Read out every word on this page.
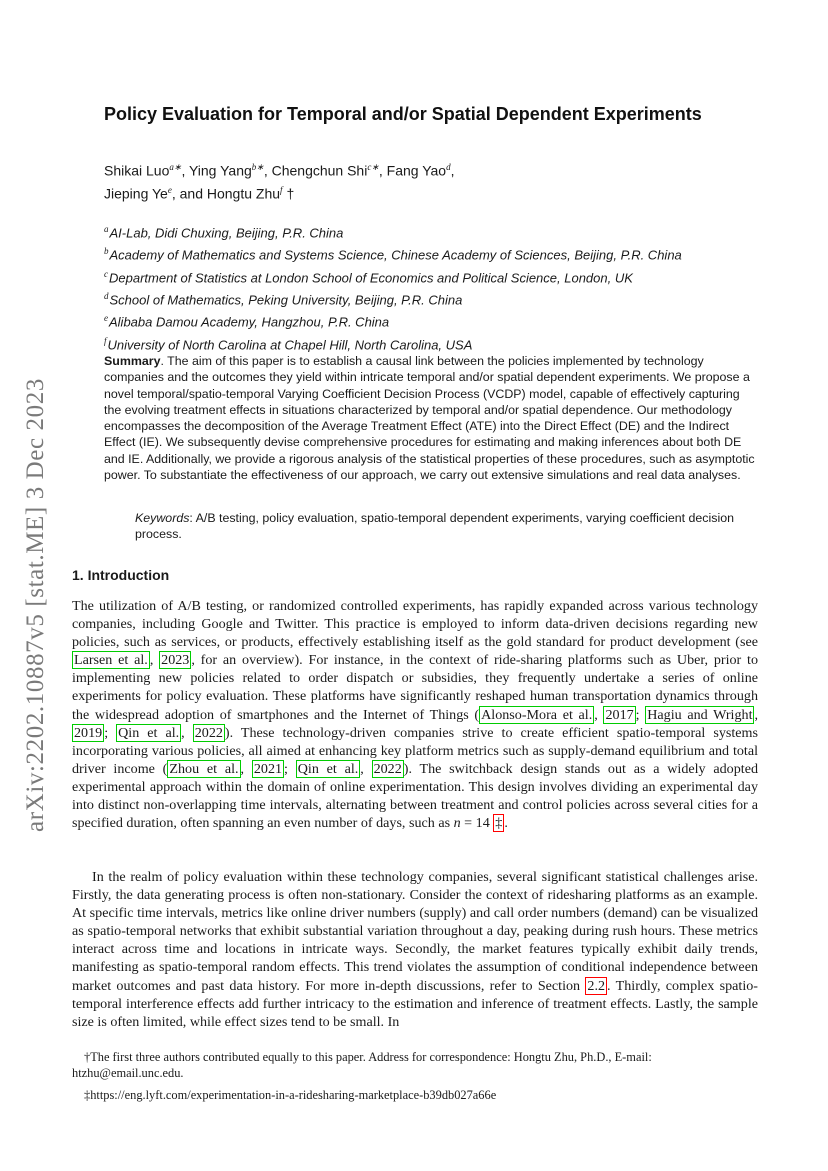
arXiv:2202.10887v5 [stat.ME] 3 Dec 2023
Policy Evaluation for Temporal and/or Spatial Dependent Experiments
Shikai Luo$^{a∗}$, Ying Yang$^{b∗}$, Chengchun Shi$^{c∗}$, Fang Yao$^d$,
Jieping Ye$^e$, and Hongtu Zhu$^f$ †
$^a$AI-Lab, Didi Chuxing, Beijing, P.R. China
$^b$Academy of Mathematics and Systems Science, Chinese Academy of Sciences, Beijing, P.R. China
$^c$Department of Statistics at London School of Economics and Political Science, London, UK
$^d$School of Mathematics, Peking University, Beijing, P.R. China
$^e$Alibaba Damou Academy, Hangzhou, P.R. China
$^f$University of North Carolina at Chapel Hill, North Carolina, USA

Summary. The aim of this paper is to establish a causal link between the policies implemented by technology companies and the outcomes they yield within intricate temporal and/or spatial dependent experiments. We propose a novel temporal/spatio-temporal Varying Coefficient Decision Process (VCDP) model, capable of effectively capturing the evolving treatment effects in situations characterized by temporal and/or spatial dependence. Our methodology encompasses the decomposition of the Average Treatment Effect (ATE) into the Direct Effect (DE) and the Indirect Effect (IE). We subsequently devise comprehensive procedures for estimating and making inferences about both DE and IE. Additionally, we provide a rigorous analysis of the statistical properties of these procedures, such as asymptotic power. To substantiate the effectiveness of our approach, we carry out extensive simulations and real data analyses.

Keywords: A/B testing, policy evaluation, spatio-temporal dependent experiments, varying coefficient decision process.

1. Introduction

The utilization of A/B testing, or randomized controlled experiments, has rapidly expanded across various technology companies, including Google and Twitter. This practice is employed to inform data-driven decisions regarding new policies, such as services, or products, effectively establishing itself as the gold standard for product development (see Larsen et al. , 2023 , for an overview). For instance, in the context of ride-sharing platforms such as Uber, prior to implementing new policies related to order dispatch or subsidies, they frequently undertake a series of online experiments for policy evaluation. These platforms have significantly reshaped human transportation dynamics through the widespread adoption of smartphones and the Internet of Things ( Alonso-Mora et al. , 2017 ; Hagiu and Wright , 2019 ; Qin et al. , 2022 ). These technology-driven companies strive to create efficient spatio-temporal systems incorporating various policies, all aimed at enhancing key platform metrics such as supply-demand equilibrium and total driver income ( Zhou et al. , 2021 ; Qin et al. , 2022 ). The switchback design stands out as a widely adopted experimental approach within the domain of online experimentation. This design involves dividing an experimental day into distinct non-overlapping time intervals, alternating between treatment and control policies across several cities for a specified duration, often spanning an even number of days, such as n = 14 ‡ .

In the realm of policy evaluation within these technology companies, several significant statistical challenges arise. Firstly, the data generating process is often non-stationary. Consider the context of ridesharing platforms as an example. At specific time intervals, metrics like online driver numbers (supply) and call order numbers (demand) can be visualized as spatio-temporal networks that exhibit substantial variation throughout a day, peaking during rush hours. These metrics interact across time and locations in intricate ways. Secondly, the market features typically exhibit daily trends, manifesting as spatio-temporal random effects. This trend violates the assumption of conditional independence between market outcomes and past data history. For more in-depth discussions, refer to Section 2.2 . Thirdly, complex spatio-temporal interference effects add further intricacy to the estimation and inference of treatment effects. Lastly, the sample size is often limited, while effect sizes tend to be small. In

†The first three authors contributed equally to this paper. Address for correspondence: Hongtu Zhu, Ph.D., E-mail: htzhu@email.unc.edu.

‡https://eng.lyft.com/experimentation-in-a-ridesharing-marketplace-b39db027a66e
